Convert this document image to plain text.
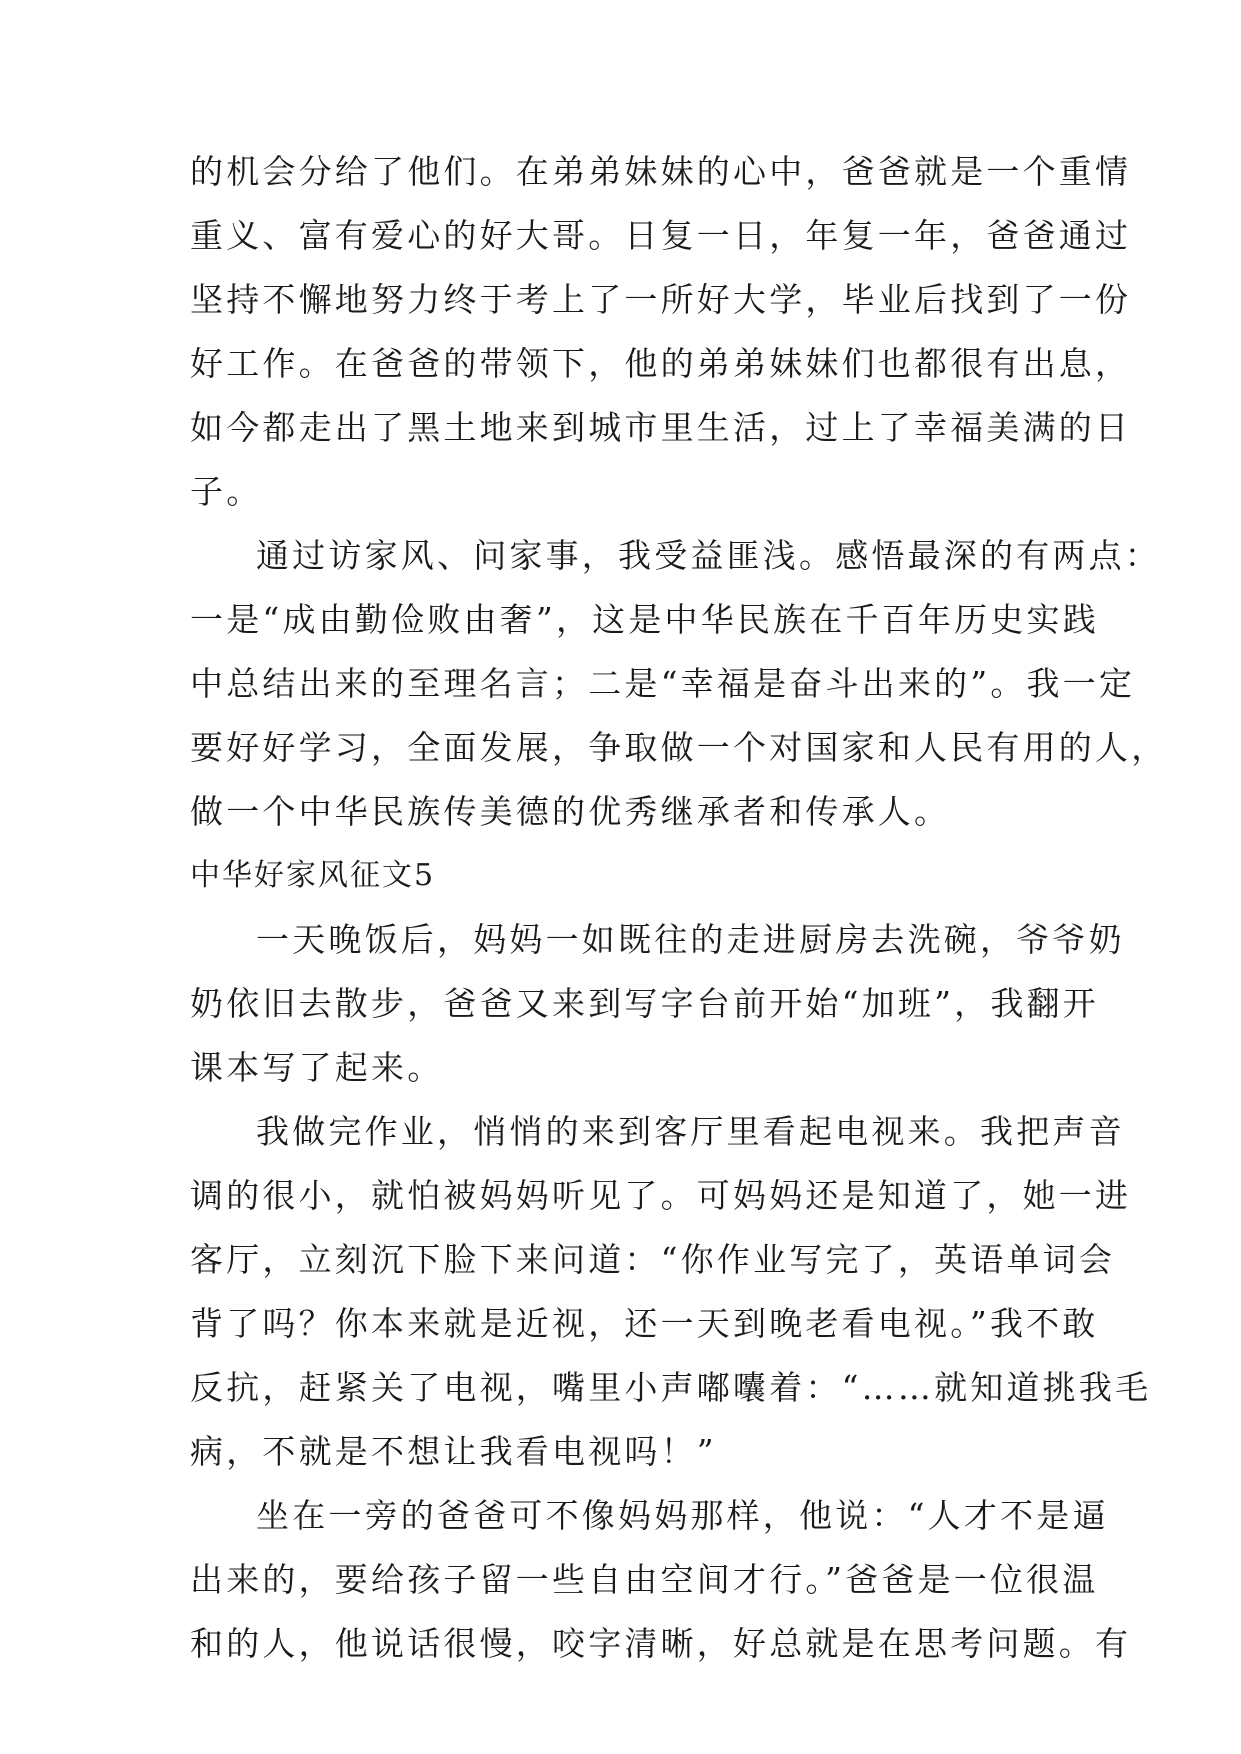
的机会分给了他们。在弟弟妹妹的心中，爸爸就是一个重情
重义、富有爱心的好大哥。日复一日，年复一年，爸爸通过
坚持不懈地努力终于考上了一所好大学，毕业后找到了一份
好工作。在爸爸的带领下，他的弟弟妹妹们也都很有出息，
如今都走出了黑土地来到城市里生活，过上了幸福美满的日
子。
通过访家风、问家事，我受益匪浅。感悟最深的有两点：
一是“成由勤俭败由奢”，这是中华民族在千百年历史实践
中总结出来的至理名言；二是“幸福是奋斗出来的”。我一定
要好好学习，全面发展，争取做一个对国家和人民有用的人，
做一个中华民族传美德的优秀继承者和传承人。
中华好家风征文5
一天晚饭后，妈妈一如既往的走进厨房去洗碗，爷爷奶
奶依旧去散步，爸爸又来到写字台前开始“加班”，我翻开
课本写了起来。
我做完作业，悄悄的来到客厅里看起电视来。我把声音
调的很小，就怕被妈妈听见了。可妈妈还是知道了，她一进
客厅，立刻沉下脸下来问道：“你作业写完了，英语单词会
背了吗？你本来就是近视，还一天到晚老看电视。”我不敢
反抗，赶紧关了电视，嘴里小声嘟囔着：“……就知道挑我毛
病，不就是不想让我看电视吗！”
坐在一旁的爸爸可不像妈妈那样，他说：“人才不是逼
出来的，要给孩子留一些自由空间才行。”爸爸是一位很温
和的人，他说话很慢，咬字清晰，好总就是在思考问题。有
